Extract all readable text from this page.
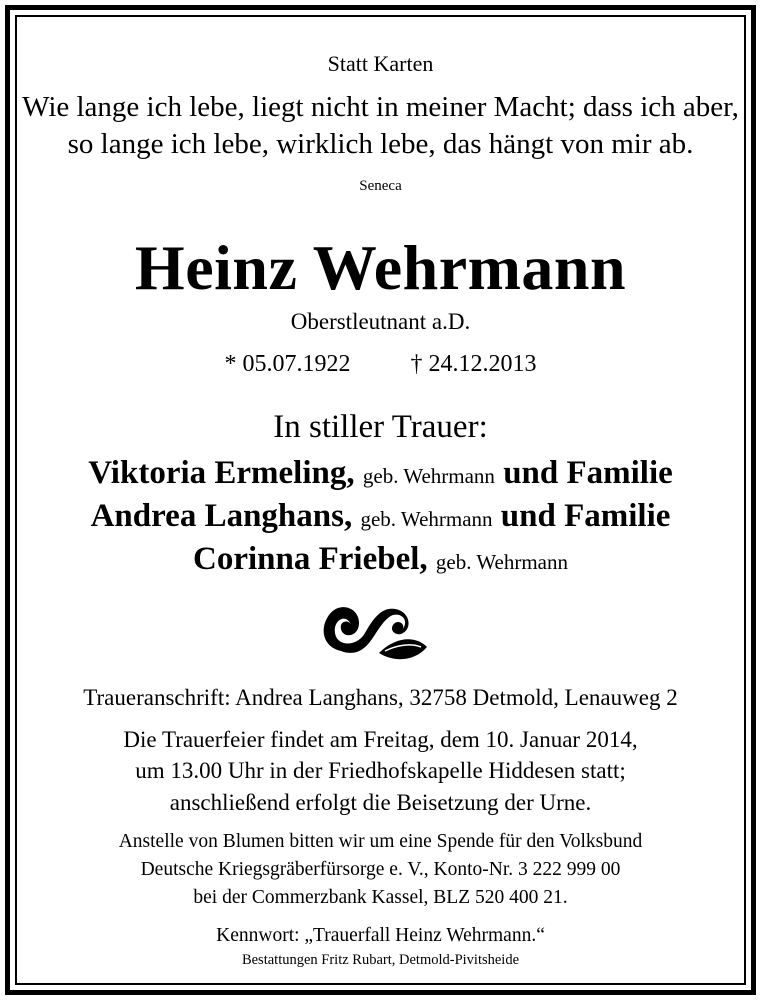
Statt Karten
Wie lange ich lebe, liegt nicht in meiner Macht; dass ich aber,
so lange ich lebe, wirklich lebe, das hängt von mir ab.
Seneca
Heinz Wehrmann
Oberstleutnant a.D.
* 05.07.1922	† 24.12.2013
In stiller Trauer:
Viktoria Ermeling, geb. Wehrmann und Familie
Andrea Langhans, geb. Wehrmann und Familie
Corinna Friebel, geb. Wehrmann
Traueranschrift: Andrea Langhans, 32758 Detmold, Lenauweg 2
Die Trauerfeier findet am Freitag, dem 10. Januar 2014,
um 13.00 Uhr in der Friedhofskapelle Hiddesen statt;
anschließend erfolgt die Beisetzung der Urne.
Anstelle von Blumen bitten wir um eine Spende für den Volksbund
Deutsche Kriegsgräberfürsorge e. V., Konto-Nr. 3 222 999 00
bei der Commerzbank Kassel, BLZ 520 400 21.
Kennwort: „Trauerfall Heinz Wehrmann.“
Bestattungen Fritz Rubart, Detmold-Pivitsheide
